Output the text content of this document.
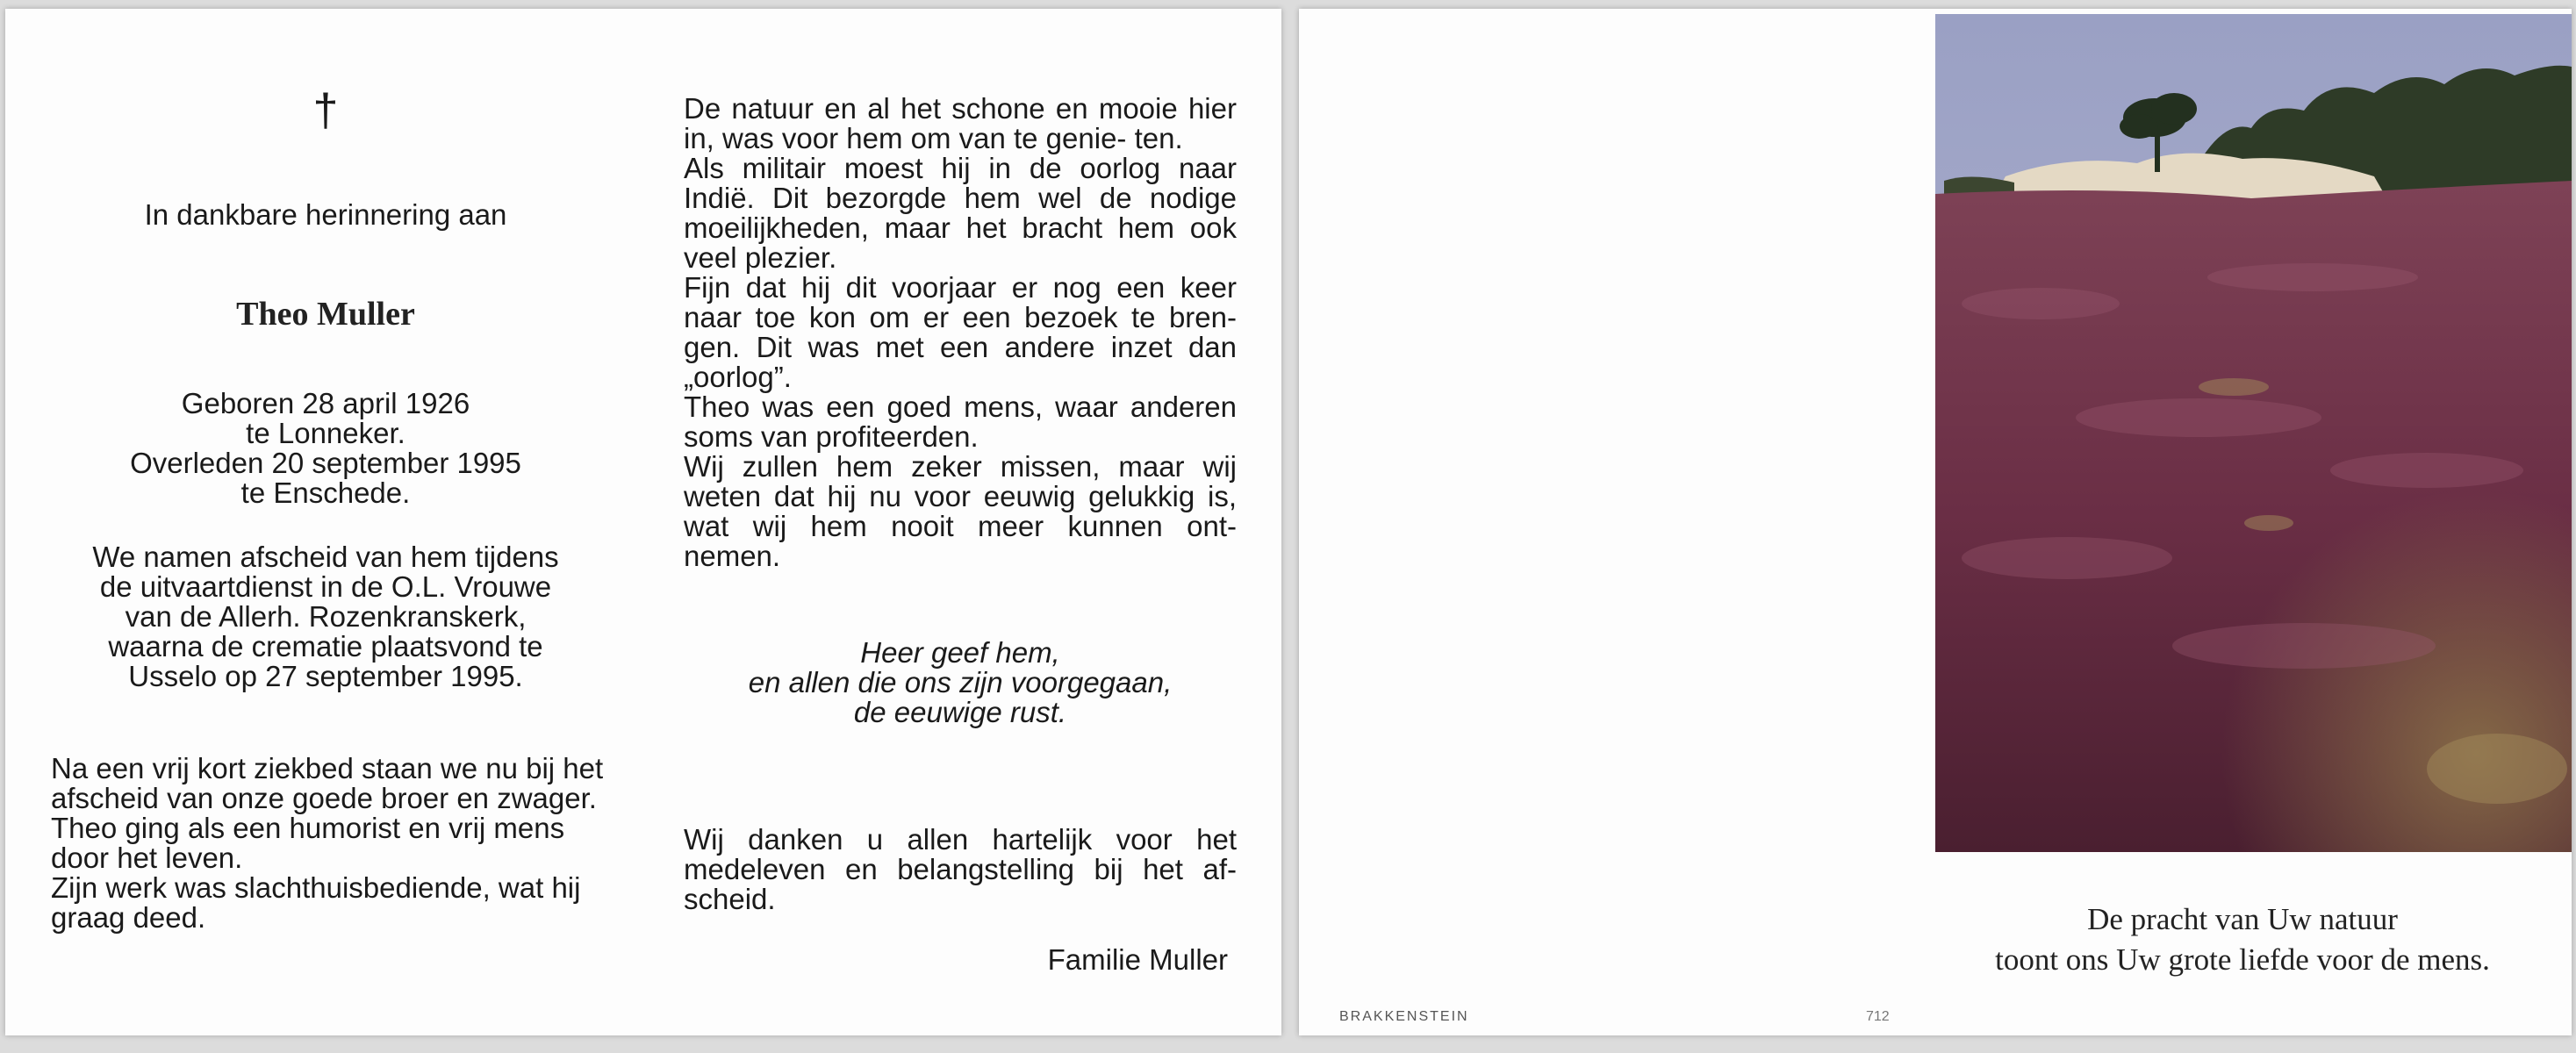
†
In dankbare herinnering aan
Theo Muller
Geboren 28 april 1926
te Lonneker.
Overleden 20 september 1995
te Enschede.
We namen afscheid van hem tijdens
de uitvaartdienst in de O.L. Vrouwe
van de Allerh. Rozenkranskerk,
waarna de crematie plaatsvond te
Usselo op 27 september 1995.

Na een vrij kort ziekbed staan we nu bij het afscheid van onze goede broer en zwager.

Theo ging als een humorist en vrij mens door het leven.

Zijn werk was slachthuisbediende, wat hij graag deed.

De natuur en al het schone en mooie hier in, was voor hem om van te genie- ten.

Als militair moest hij in de oorlog naar Indië. Dit bezorgde hem wel de nodige moeilijkheden, maar het bracht hem ook veel plezier.

Fijn dat hij dit voorjaar er nog een keer naar toe kon om er een bezoek te bren- gen. Dit was met een andere inzet dan „oorlog”.

Theo was een goed mens, waar anderen soms van profiteerden.

Wij zullen hem zeker missen, maar wij weten dat hij nu voor eeuwig gelukkig is, wat wij hem nooit meer kunnen ont- nemen.

Heer geef hem,
en allen die ons zijn voorgegaan,
de eeuwige rust.
Wij danken u allen hartelijk voor het medeleven en belangstelling bij het af- scheid.
Familie Muller

De pracht van Uw natuur

toont ons Uw grote liefde voor de mens.

BRAKKENSTEIN	712
